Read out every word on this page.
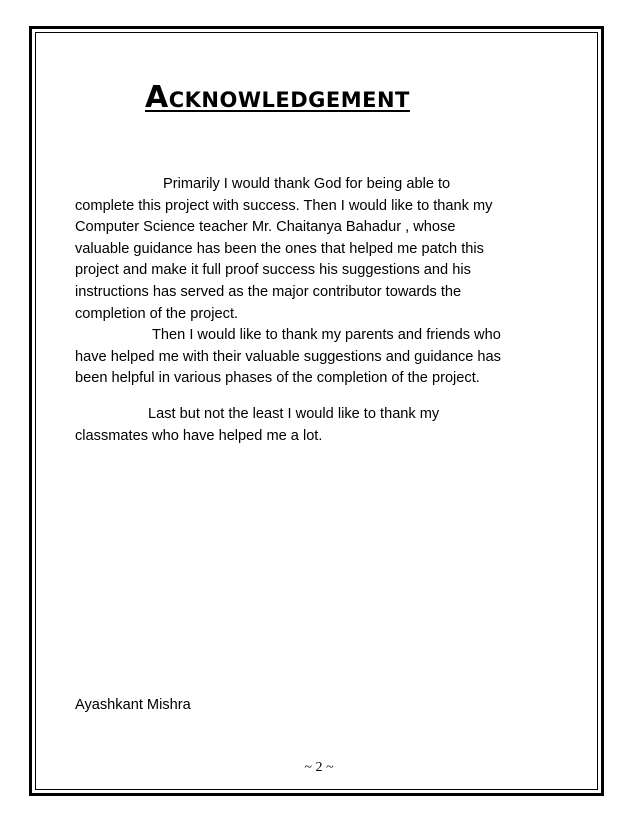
Acknowledgement

Primarily I would thank God for being able to
complete this project with success. Then I would like to thank my
Computer Science teacher Mr. Chaitanya Bahadur , whose
valuable guidance has been the ones that helped me patch this
project and make it full proof success his suggestions and his
instructions has served as the major contributor towards the
completion of the project.

Then I would like to thank my parents and friends who
have helped me with their valuable suggestions and guidance has
been helpful in various phases of the completion of the project.

Last but not the least I would like to thank my
classmates who have helped me a lot.

Ayashkant Mishra
~ 2 ~
